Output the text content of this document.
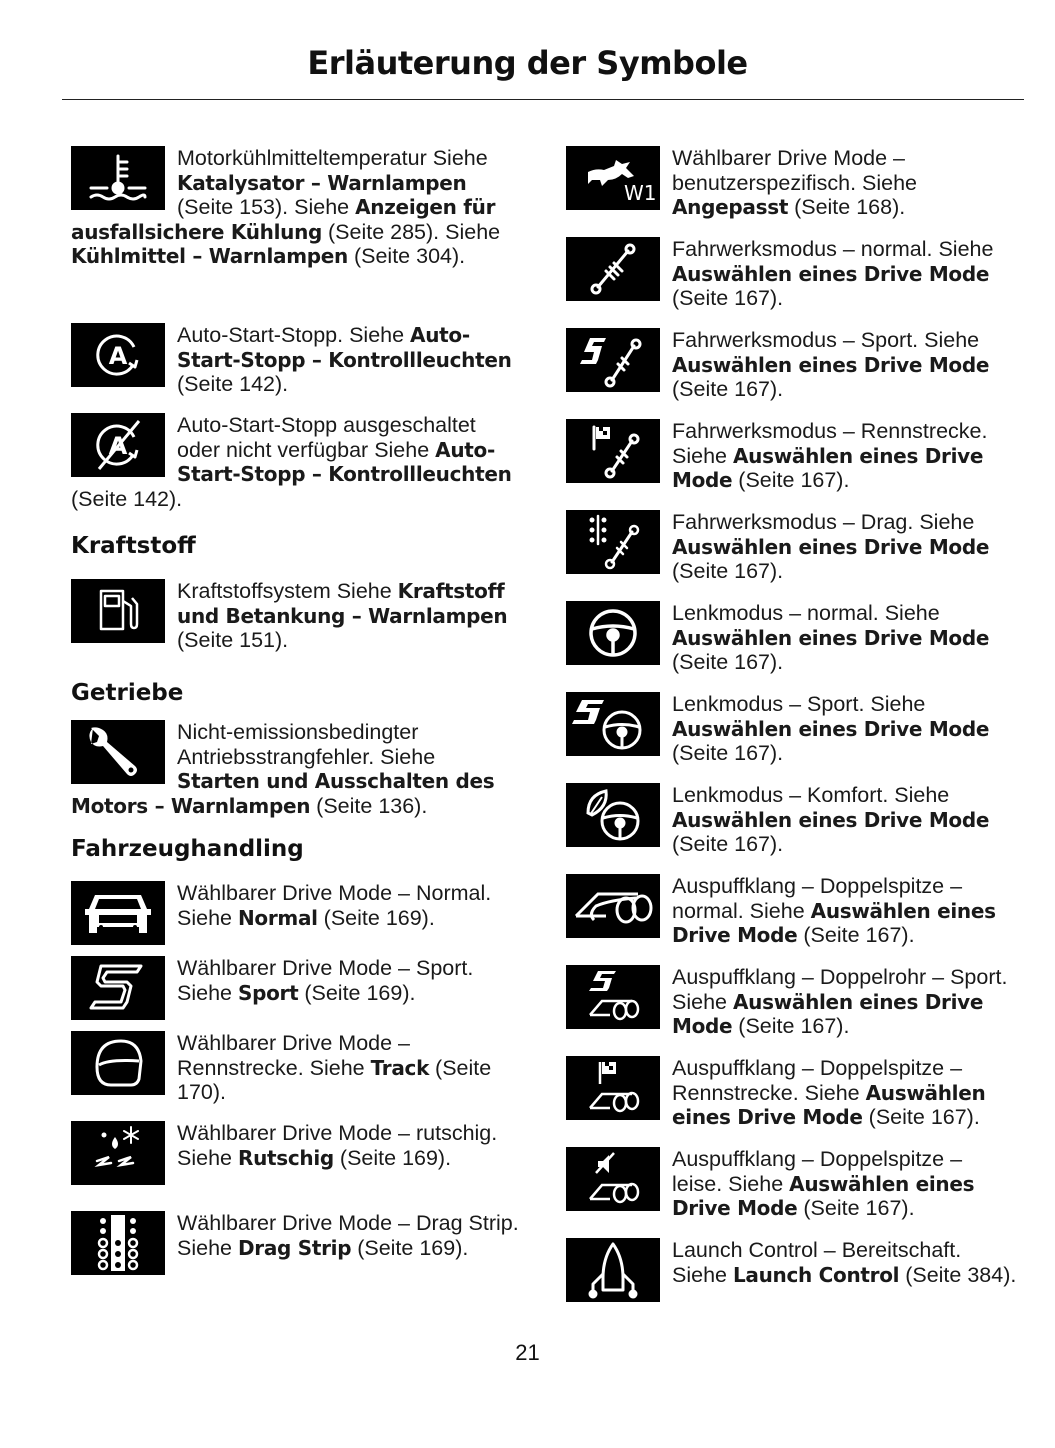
Erläuterung der Symbole
Motorkühlmitteltemperatur Siehe Katalysator – Warnlampen (Seite 153). Siehe Anzeigen für ausfallsichere Kühlung (Seite 285). Siehe Kühlmittel – Warnlampen (Seite 304).
A
Auto-Start-Stopp. Siehe Auto-Start-Stopp – Kontrollleuchten (Seite 142).
A
Auto-Start-Stopp ausgeschaltet oder nicht verfügbar Siehe Auto-Start-Stopp – Kontrollleuchten (Seite 142).
Kraftstoff
Kraftstoffsystem Siehe Kraftstoff und Betankung – Warnlampen (Seite 151).
Getriebe
Nicht-emissionsbedingter Antriebsstrangfehler. Siehe Starten und Ausschalten des Motors – Warnlampen (Seite 136).
Fahrzeughandling
Wählbarer Drive Mode – Normal. Siehe Normal (Seite 169).
Wählbarer Drive Mode – Sport. Siehe Sport (Seite 169).
Wählbarer Drive Mode – Rennstrecke. Siehe Track (Seite 170).
Wählbarer Drive Mode – rutschig. Siehe Rutschig (Seite 169).
Wählbarer Drive Mode – Drag Strip. Siehe Drag Strip (Seite 169).
W1
Wählbarer Drive Mode – benutzerspezifisch. Siehe Angepasst (Seite 168).
Fahrwerksmodus – normal. Siehe Auswählen eines Drive Mode (Seite 167).
Fahrwerksmodus – Sport. Siehe Auswählen eines Drive Mode (Seite 167).
Fahrwerksmodus – Rennstrecke. Siehe Auswählen eines Drive Mode (Seite 167).
Fahrwerksmodus – Drag. Siehe Auswählen eines Drive Mode (Seite 167).
Lenkmodus – normal. Siehe Auswählen eines Drive Mode (Seite 167).
Lenkmodus – Sport. Siehe Auswählen eines Drive Mode (Seite 167).
Lenkmodus – Komfort. Siehe Auswählen eines Drive Mode (Seite 167).
Auspuffklang – Doppelspitze – normal. Siehe Auswählen eines Drive Mode (Seite 167).
Auspuffklang – Doppelrohr – Sport. Siehe Auswählen eines Drive Mode (Seite 167).
Auspuffklang – Doppelspitze – Rennstrecke. Siehe Auswählen eines Drive Mode (Seite 167).
Auspuffklang – Doppelspitze – leise. Siehe Auswählen eines Drive Mode (Seite 167).
Launch Control – Bereitschaft. Siehe Launch Control (Seite 384).
21
